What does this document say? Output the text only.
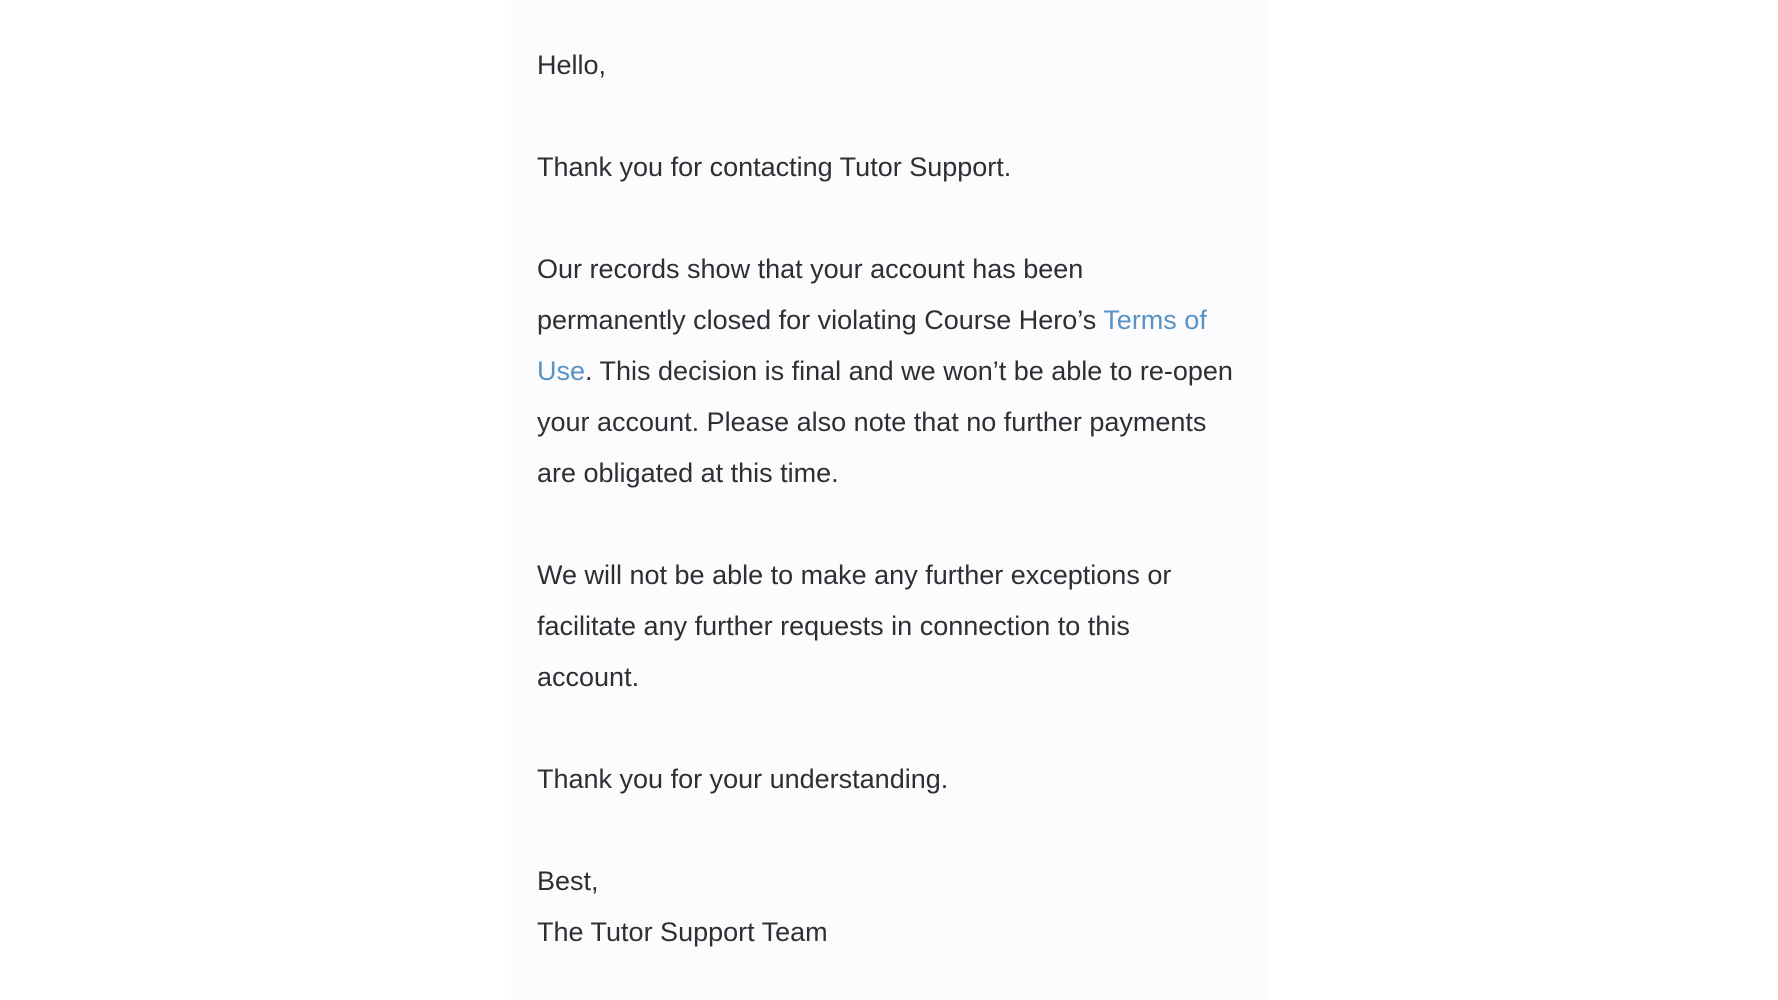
Hello,

Thank you for contacting Tutor Support.

Our records show that your account has been permanently closed for violating Course Hero’s Terms of Use. This decision is final and we won’t be able to re-open your account. Please also note that no further payments are obligated at this time.

We will not be able to make any further exceptions or facilitate any further requests in connection to this account.

Thank you for your understanding.

Best,
The Tutor Support Team
